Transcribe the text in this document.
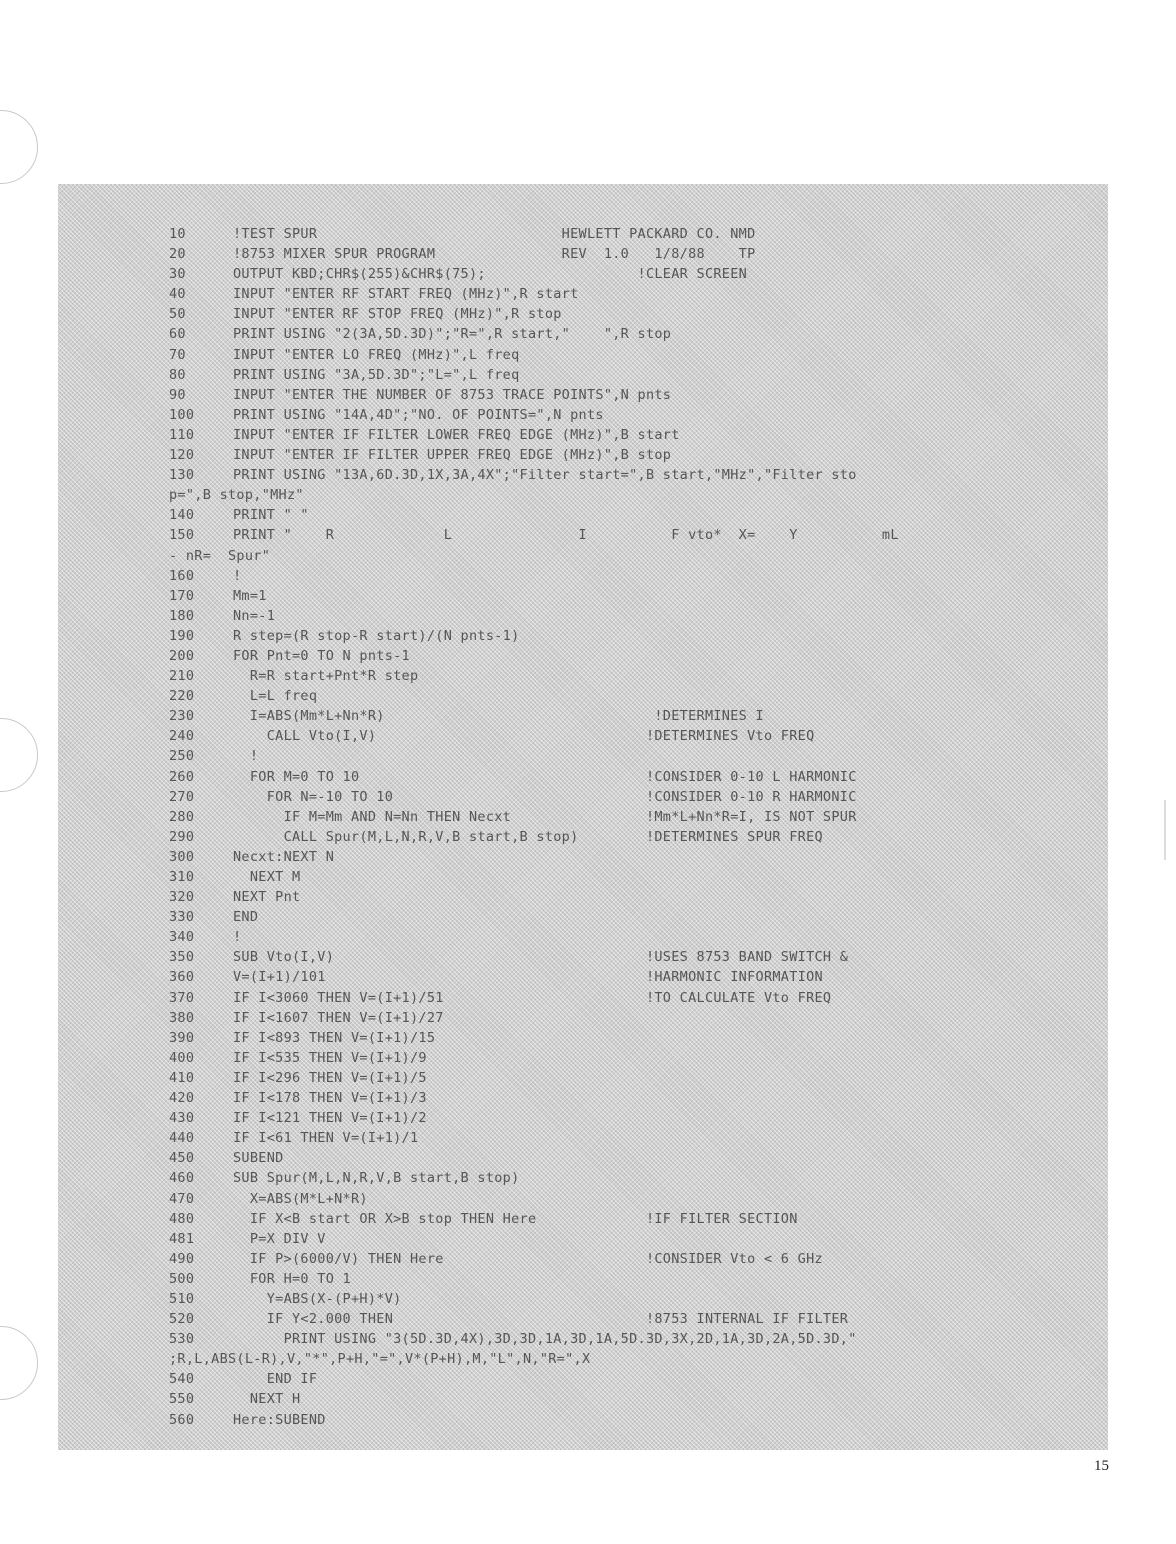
10	!TEST SPUR                             HEWLETT PACKARD CO. NMD
20	!8753 MIXER SPUR PROGRAM               REV  1.0   1/8/88    TP
30	OUTPUT KBD;CHR$(255)&CHR$(75);                  !CLEAR SCREEN
40	INPUT "ENTER RF START FREQ (MHz)",R start
50	INPUT "ENTER RF STOP FREQ (MHz)",R stop
60	PRINT USING "2(3A,5D.3D)";"R=",R start,"    ",R stop
70	INPUT "ENTER LO FREQ (MHz)",L freq
80	PRINT USING "3A,5D.3D";"L=",L freq
90	INPUT "ENTER THE NUMBER OF 8753 TRACE POINTS",N pnts
100	PRINT USING "14A,4D";"NO. OF POINTS=",N pnts
110	INPUT "ENTER IF FILTER LOWER FREQ EDGE (MHz)",B start
120	INPUT "ENTER IF FILTER UPPER FREQ EDGE (MHz)",B stop
130	PRINT USING "13A,6D.3D,1X,3A,4X";"Filter start=",B start,"MHz","Filter sto
p=",B stop,"MHz"
140	PRINT " "
150	PRINT "    R             L               I          F vto*  X=    Y          mL
- nR=  Spur"
160	!
170	Mm=1
180	Nn=-1
190	R step=(R stop-R start)/(N pnts-1)
200	FOR Pnt=0 TO N pnts-1
210	R=R start+Pnt*R step
220	L=L freq
230	I=ABS(Mm*L+Nn*R)                                !DETERMINES I
240	CALL Vto(I,V)                                !DETERMINES Vto FREQ
250	!
260	FOR M=0 TO 10                                  !CONSIDER 0-10 L HARMONIC
270	FOR N=-10 TO 10                              !CONSIDER 0-10 R HARMONIC
280	IF M=Mm AND N=Nn THEN Necxt                !Mm*L+Nn*R=I, IS NOT SPUR
290	CALL Spur(M,L,N,R,V,B start,B stop)        !DETERMINES SPUR FREQ
300	Necxt:NEXT N
310	NEXT M
320	NEXT Pnt
330	END
340	!
350	SUB Vto(I,V)                                     !USES 8753 BAND SWITCH &
360	V=(I+1)/101                                      !HARMONIC INFORMATION
370	IF I<3060 THEN V=(I+1)/51                        !TO CALCULATE Vto FREQ
380	IF I<1607 THEN V=(I+1)/27
390	IF I<893 THEN V=(I+1)/15
400	IF I<535 THEN V=(I+1)/9
410	IF I<296 THEN V=(I+1)/5
420	IF I<178 THEN V=(I+1)/3
430	IF I<121 THEN V=(I+1)/2
440	IF I<61 THEN V=(I+1)/1
450	SUBEND
460	SUB Spur(M,L,N,R,V,B start,B stop)
470	X=ABS(M*L+N*R)
480	IF X<B start OR X>B stop THEN Here             !IF FILTER SECTION
481	P=X DIV V
490	IF P>(6000/V) THEN Here                        !CONSIDER Vto < 6 GHz
500	FOR H=0 TO 1
510	Y=ABS(X-(P+H)*V)
520	IF Y<2.000 THEN                              !8753 INTERNAL IF FILTER
530	PRINT USING "3(5D.3D,4X),3D,3D,1A,3D,1A,5D.3D,3X,2D,1A,3D,2A,5D.3D,"
;R,L,ABS(L-R),V,"*",P+H,"=",V*(P+H),M,"L",N,"R=",X
540	END IF
550	NEXT H
560	Here:SUBEND
15
